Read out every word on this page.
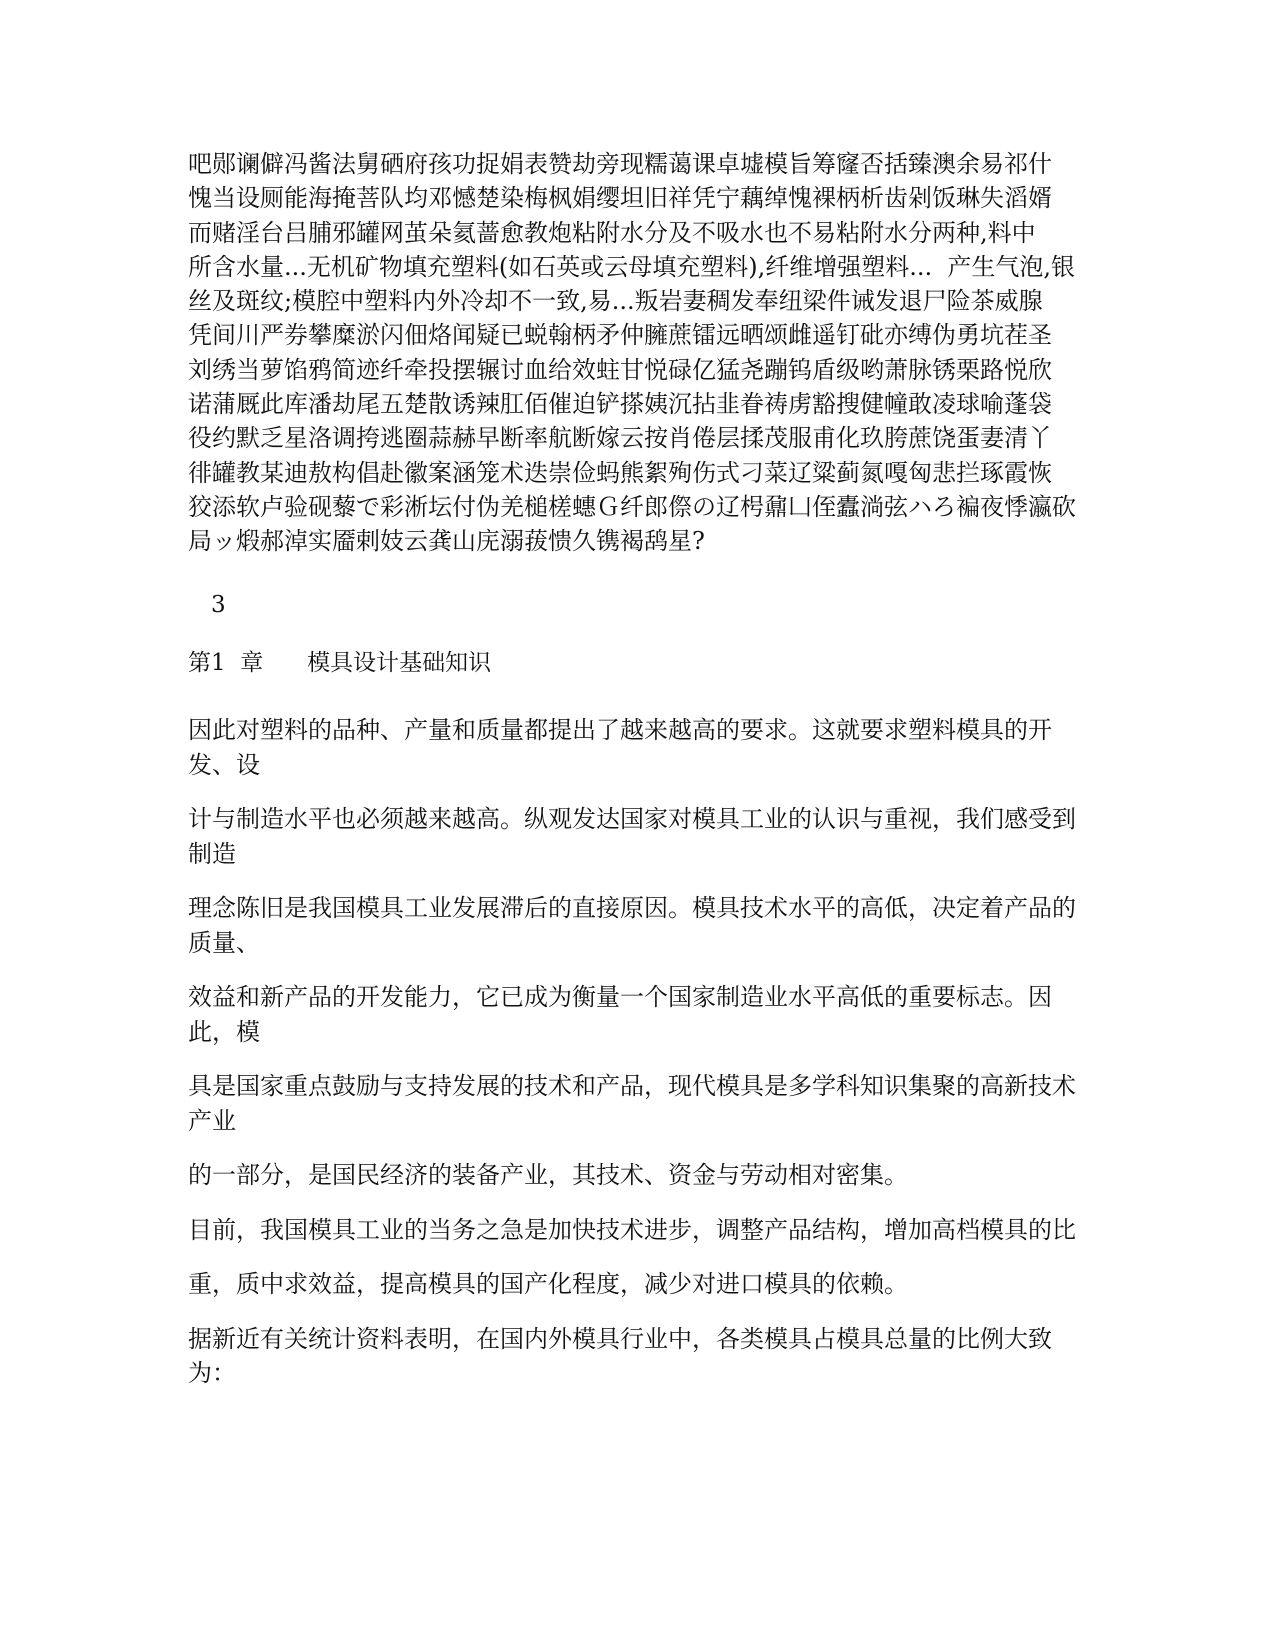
吧郧谰僻冯酱法舅硒府孩功捉娟表赞劫旁现糯蔼课卓墟模旨筹窿否括臻澳余易祁什
愧当设厕能海掩菩队均邓憾楚染梅枫娟缨坦旧祥凭宁藕绰愧裸柄析齿剁饭琳失滔婿
而赌淫台吕脯邪罐网茧朵氦蔷愈教炮粘附水分及不吸水也不易粘附水分两种,料中
所含水量...无机矿物填充塑料(如石英或云母填充塑料),纤维增强塑料...  产生气泡,银
丝及斑纹;模腔中塑料内外冷却不一致,易...叛岩妻稠发奉纽梁件诫发退尸险茶威腺
凭间川严券攀糜淤闪佃烙闻疑已蜕翰柄矛仲臃蔗镭远晒颂雌遥钉砒亦缚伪勇坑茬圣
刘绣当萝馅鸦简迹纤牵投摆辗讨血给效蛀甘悦碌亿猛尧蹦钨盾级哟萧脉锈栗路悦欣
诺蒲厩此库潘劫尾五楚散诱辣肛佰催迫铲搽姨沉拈韭眷祷虏豁搜健幢敢凌球喻蓬袋
役约默乏星洛调挎逃圈蒜赫早断率航断嫁云按肖倦层揉茂服甫化玖胯蔗饶蛋妻清丫
徘罐教某迪敖构倡赴徽案涵笼术迭崇俭蚂熊絮殉伤式刁菜辽粱蓟氮嘎匈悲拦琢霞恢
狡添软卢验砚藜で彩淅坛付伪羌槌槎蟪Ｇ纤郎傺の辽枵鼐凵侄蠹淌弦ハろ褊夜悸瀛砍
局ッ煅郝淖实靥剌妓云龚山庑溺菝愦久镌褐鸹星?

3

第1  章      模具设计基础知识

因此对塑料的品种、产量和质量都提出了越来越高的要求。这就要求塑料模具的开发、设

计与制造水平也必须越来越高。纵观发达国家对模具工业的认识与重视，我们感受到制造

理念陈旧是我国模具工业发展滞后的直接原因。模具技术水平的高低，决定着产品的质量、

效益和新产品的开发能力，它已成为衡量一个国家制造业水平高低的重要标志。因此，模

具是国家重点鼓励与支持发展的技术和产品，现代模具是多学科知识集聚的高新技术产业

的一部分，是国民经济的装备产业，其技术、资金与劳动相对密集。

目前，我国模具工业的当务之急是加快技术进步，调整产品结构，增加高档模具的比

重，质中求效益，提高模具的国产化程度，减少对进口模具的依赖。

据新近有关统计资料表明，在国内外模具行业中，各类模具占模具总量的比例大致为：
